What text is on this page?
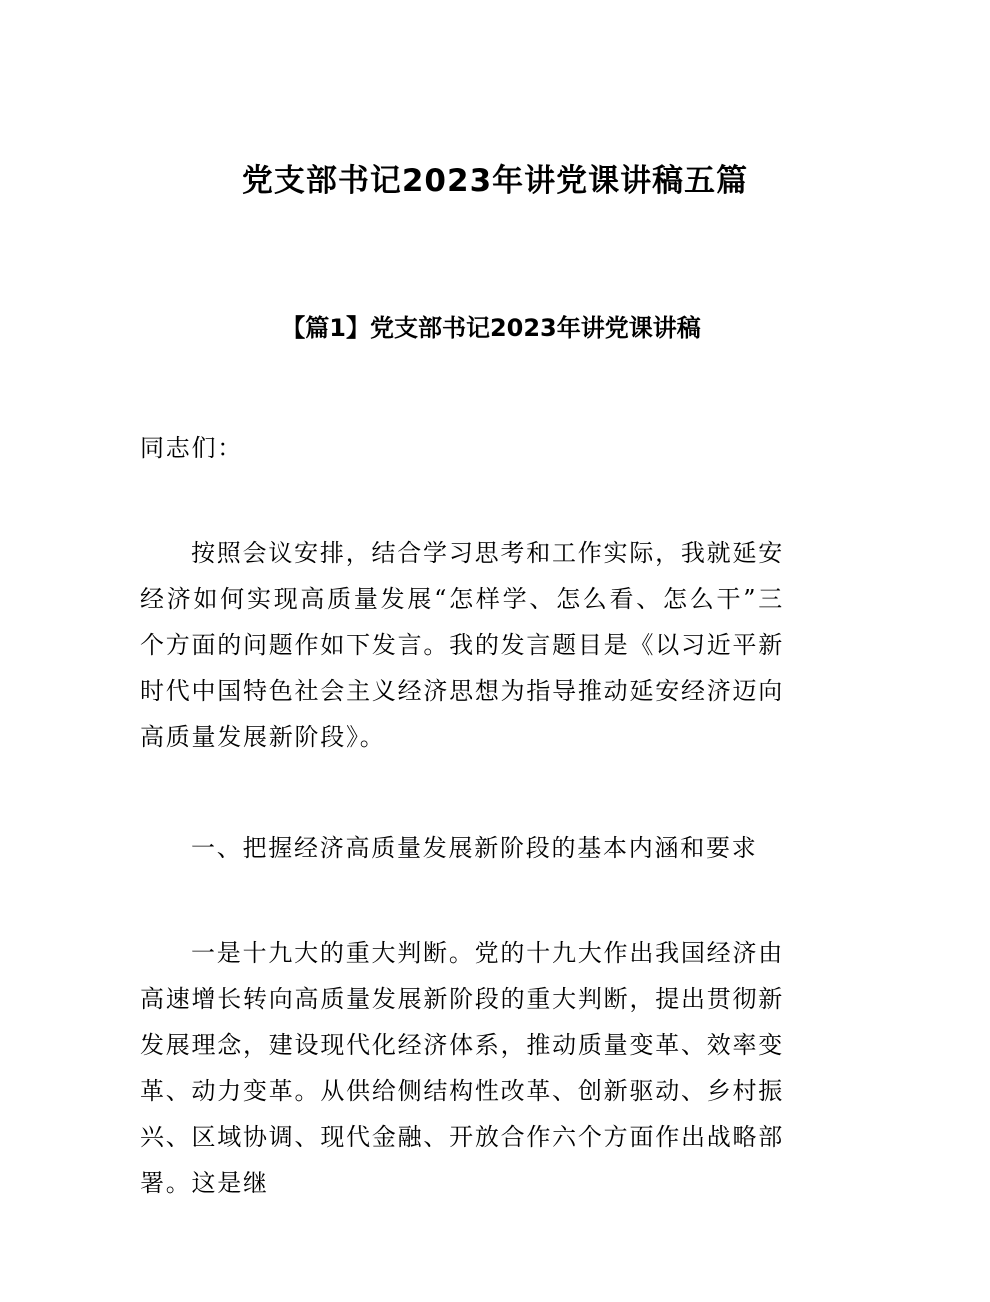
党支部书记2023年讲党课讲稿五篇
【篇1】党支部书记2023年讲党课讲稿
同志们：
按照会议安排，结合学习思考和工作实际，我就延安经济如何实现高质量发展“怎样学、怎么看、怎么干”三个方面的问题作如下发言。我的发言题目是《以习近平新时代中国特色社会主义经济思想为指导推动延安经济迈向高质量发展新阶段》。
一、把握经济高质量发展新阶段的基本内涵和要求
一是十九大的重大判断。党的十九大作出我国经济由高速增长转向高质量发展新阶段的重大判断，提出贯彻新发展理念，建设现代化经济体系，推动质量变革、效率变革、动力变革。从供给侧结构性改革、创新驱动、乡村振兴、区域协调、现代金融、开放合作六个方面作出战略部署。这是继
